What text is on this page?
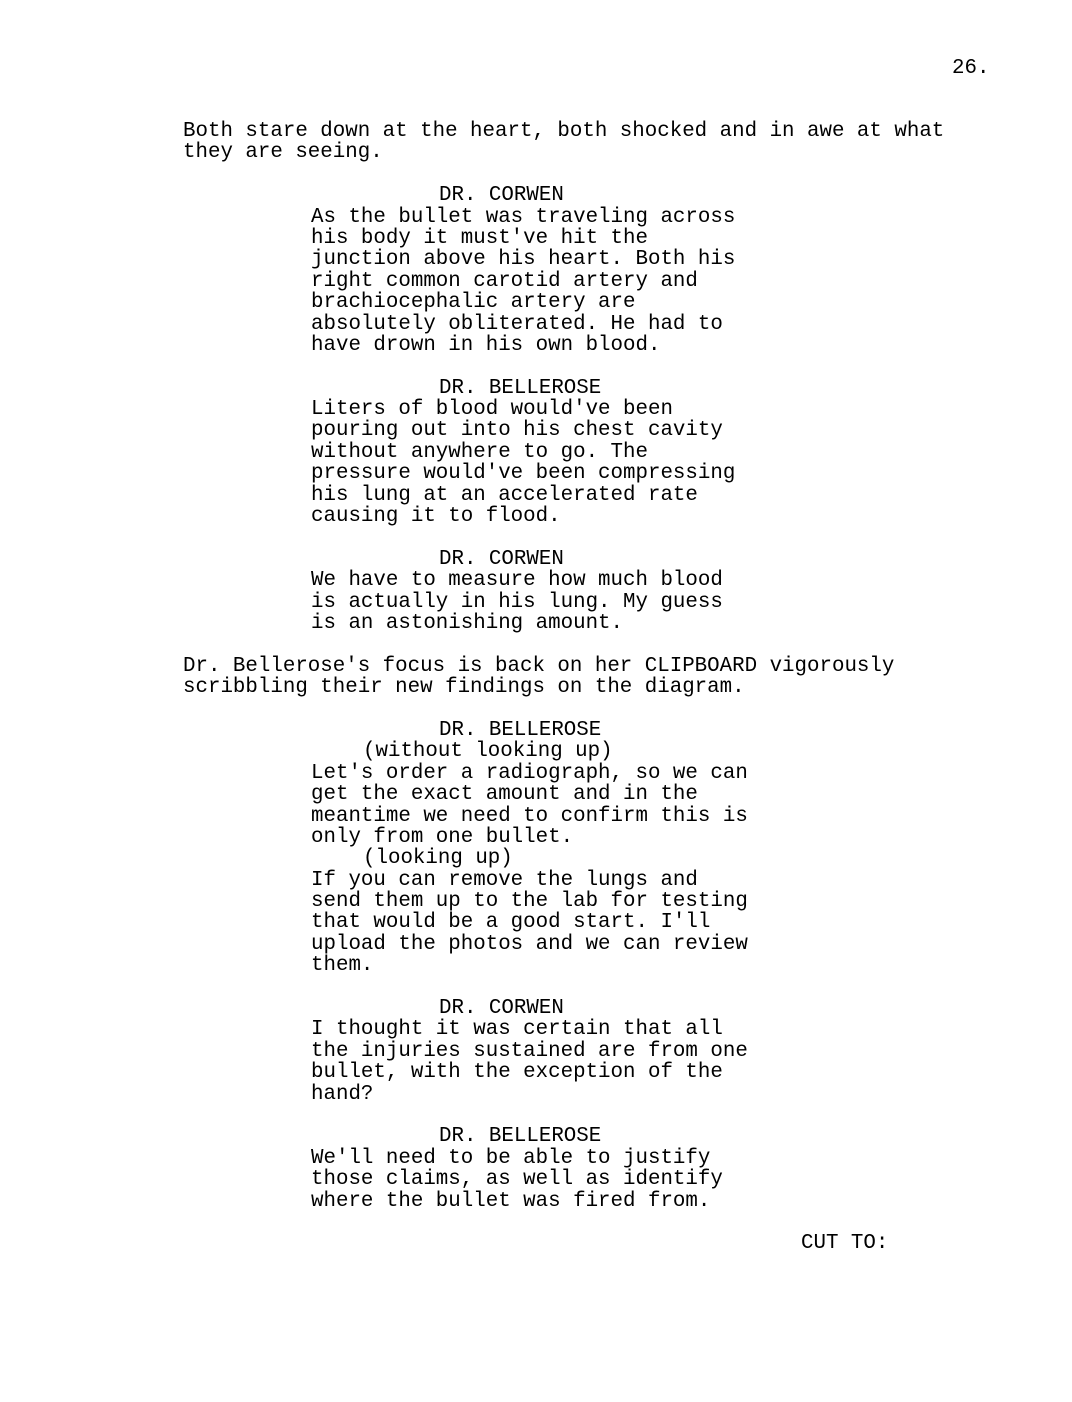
26.
Both stare down at the heart, both shocked and in awe at what
they are seeing.
DR. CORWEN
As the bullet was traveling across
his body it must've hit the
junction above his heart. Both his
right common carotid artery and
brachiocephalic artery are
absolutely obliterated. He had to
have drown in his own blood.
DR. BELLEROSE
Liters of blood would've been
pouring out into his chest cavity
without anywhere to go. The
pressure would've been compressing
his lung at an accelerated rate
causing it to flood.
DR. CORWEN
We have to measure how much blood
is actually in his lung. My guess
is an astonishing amount.
Dr. Bellerose's focus is back on her CLIPBOARD vigorously
scribbling their new findings on the diagram.
DR. BELLEROSE
(without looking up)
Let's order a radiograph, so we can
get the exact amount and in the
meantime we need to confirm this is
only from one bullet.
(looking up)
If you can remove the lungs and
send them up to the lab for testing
that would be a good start. I'll
upload the photos and we can review
them.
DR. CORWEN
I thought it was certain that all
the injuries sustained are from one
bullet, with the exception of the
hand?
DR. BELLEROSE
We'll need to be able to justify
those claims, as well as identify
where the bullet was fired from.
CUT TO:
